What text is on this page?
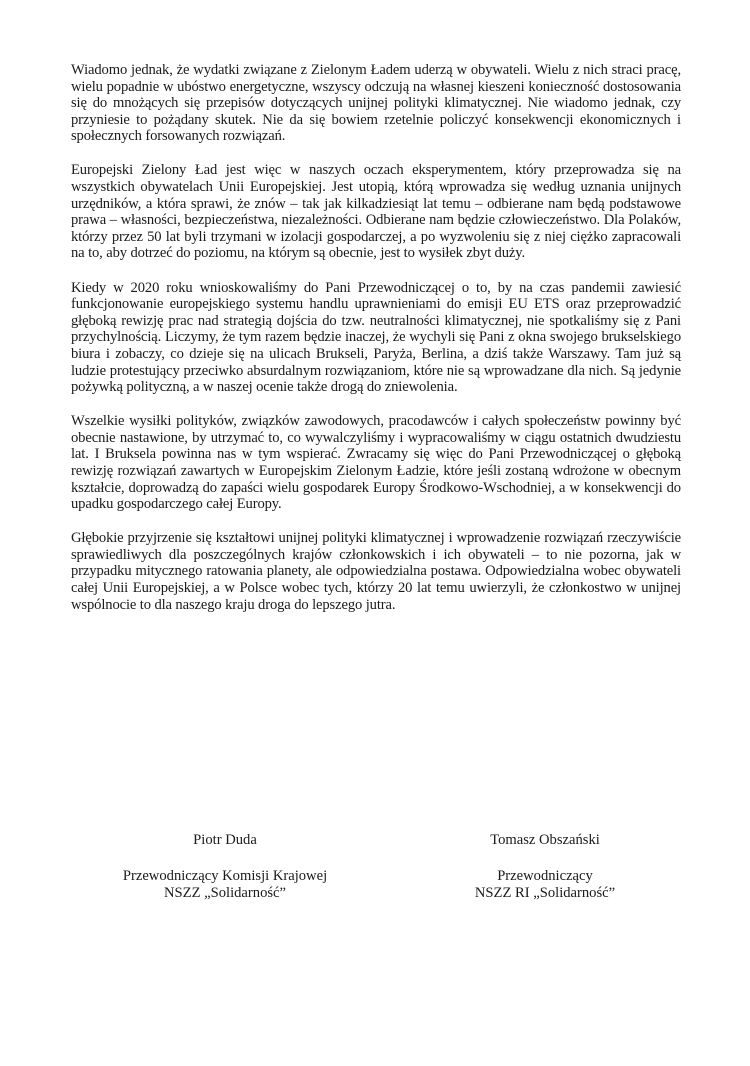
Wiadomo jednak, że wydatki związane z Zielonym Ładem uderzą w obywateli. Wielu z nich straci pracę, wielu popadnie w ubóstwo energetyczne, wszyscy odczują na własnej kieszeni konieczność dostosowania się do mnożących się przepisów dotyczących unijnej polityki klimatycznej. Nie wiadomo jednak, czy przyniesie to pożądany skutek. Nie da się bowiem rzetelnie policzyć konsekwencji ekonomicznych i społecznych forsowanych rozwiązań.

Europejski Zielony Ład jest więc w naszych oczach eksperymentem, który przeprowadza się na wszystkich obywatelach Unii Europejskiej. Jest utopią, którą wprowadza się według uznania unijnych urzędników, a która sprawi, że znów – tak jak kilkadziesiąt lat temu – odbierane nam będą podstawowe prawa – własności, bezpieczeństwa, niezależności. Odbierane nam będzie człowieczeństwo. Dla Polaków, którzy przez 50 lat byli trzymani w izolacji gospodarczej, a po wyzwoleniu się z niej ciężko zapracowali na to, aby dotrzeć do poziomu, na którym są obecnie, jest to wysiłek zbyt duży.

Kiedy w 2020 roku wnioskowaliśmy do Pani Przewodniczącej o to, by na czas pandemii zawiesić funkcjonowanie europejskiego systemu handlu uprawnieniami do emisji EU ETS oraz przeprowadzić głęboką rewizję prac nad strategią dojścia do tzw. neutralności klimatycznej, nie spotkaliśmy się z Pani przychylnością. Liczymy, że tym razem będzie inaczej, że wychyli się Pani z okna swojego brukselskiego biura i zobaczy, co dzieje się na ulicach Brukseli, Paryża, Berlina, a dziś także Warszawy. Tam już są ludzie protestujący przeciwko absurdalnym rozwiązaniom, które nie są wprowadzane dla nich. Są jedynie pożywką polityczną, a w naszej ocenie także drogą do zniewolenia.

Wszelkie wysiłki polityków, związków zawodowych, pracodawców i całych społeczeństw powinny być obecnie nastawione, by utrzymać to, co wywalczyliśmy i wypracowaliśmy w ciągu ostatnich dwudziestu lat. I Bruksela powinna nas w tym wspierać. Zwracamy się więc do Pani Przewodniczącej o głęboką rewizję rozwiązań zawartych w Europejskim Zielonym Ładzie, które jeśli zostaną wdrożone w obecnym kształcie, doprowadzą do zapaści wielu gospodarek Europy Środkowo-Wschodniej, a w konsekwencji do upadku gospodarczego całej Europy.

Głębokie przyjrzenie się kształtowi unijnej polityki klimatycznej i wprowadzenie rozwiązań rzeczywiście sprawiedliwych dla poszczególnych krajów członkowskich i ich obywateli – to nie pozorna, jak w przypadku mitycznego ratowania planety, ale odpowiedzialna postawa. Odpowiedzialna wobec obywateli całej Unii Europejskiej, a w Polsce wobec tych, którzy 20 lat temu uwierzyli, że członkostwo w unijnej wspólnocie to dla naszego kraju droga do lepszego jutra.

Piotr Duda
Przewodniczący Komisji Krajowej
NSZZ „Solidarność”
Tomasz Obszański
Przewodniczący
NSZZ RI „Solidarność”
